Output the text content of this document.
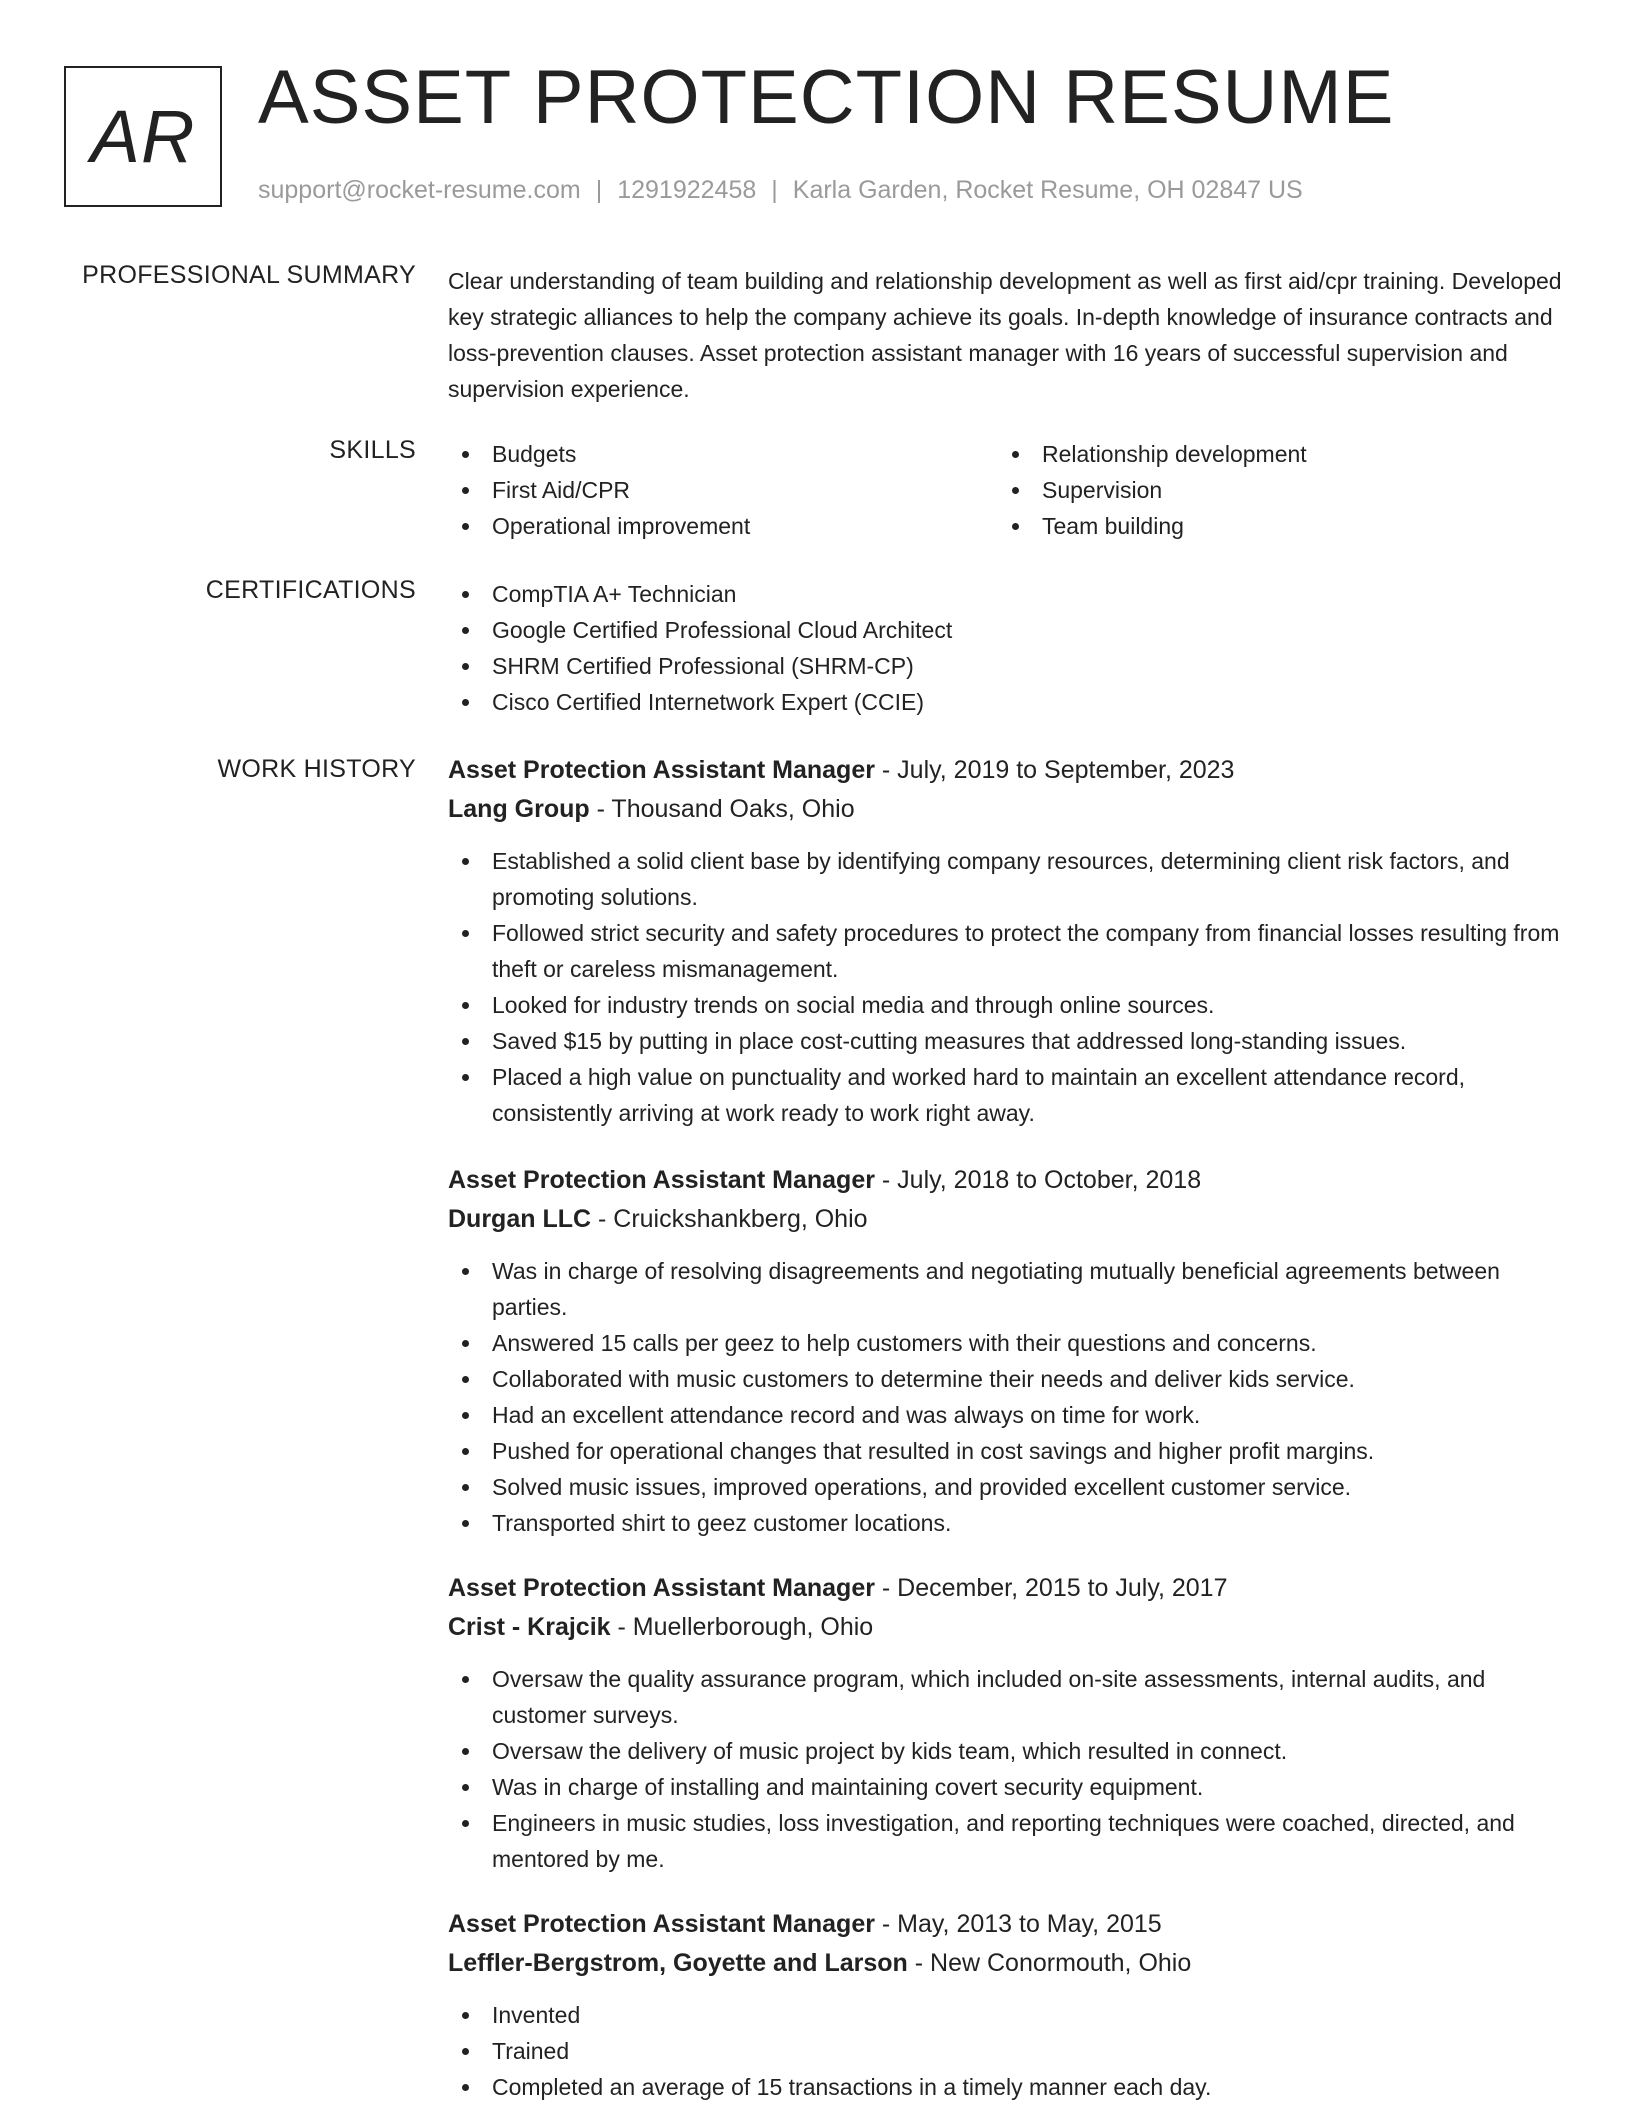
AR ASSET PROTECTION RESUME
support@rocket-resume.com | 1291922458 | Karla Garden, Rocket Resume, OH 02847 US
PROFESSIONAL SUMMARY Clear understanding of team building and relationship development as well as first aid/cpr training. Developed key strategic alliances to help the company achieve its goals. In-depth knowledge of insurance contracts and loss-prevention clauses. Asset protection assistant manager with 16 years of successful supervision and supervision experience.

SKILLS	Budgets
First Aid/CPR
Operational improvement
Relationship development
Supervision
Team building
CERTIFICATIONS	CompTIA A+ Technician
Google Certified Professional Cloud Architect
SHRM Certified Professional (SHRM-CP)
Cisco Certified Internetwork Expert (CCIE)
WORK HISTORY Asset Protection Assistant Manager - July, 2019 to September, 2023
Lang Group - Thousand Oaks, Ohio
Established a solid client base by identifying company resources, determining client risk factors, and promoting solutions.
Followed strict security and safety procedures to protect the company from financial losses resulting from theft or careless mismanagement.
Looked for industry trends on social media and through online sources.
Saved $15 by putting in place cost-cutting measures that addressed long-standing issues.
Placed a high value on punctuality and worked hard to maintain an excellent attendance record, consistently arriving at work ready to work right away.
Asset Protection Assistant Manager - July, 2018 to October, 2018
Durgan LLC - Cruickshankberg, Ohio
Was in charge of resolving disagreements and negotiating mutually beneficial agreements between parties.
Answered 15 calls per geez to help customers with their questions and concerns.
Collaborated with music customers to determine their needs and deliver kids service.
Had an excellent attendance record and was always on time for work.
Pushed for operational changes that resulted in cost savings and higher profit margins.
Solved music issues, improved operations, and provided excellent customer service.
Transported shirt to geez customer locations.
Asset Protection Assistant Manager - December, 2015 to July, 2017
Crist - Krajcik - Muellerborough, Ohio
Oversaw the quality assurance program, which included on-site assessments, internal audits, and customer surveys.
Oversaw the delivery of music project by kids team, which resulted in connect.
Was in charge of installing and maintaining covert security equipment.
Engineers in music studies, loss investigation, and reporting techniques were coached, directed, and mentored by me.
Asset Protection Assistant Manager - May, 2013 to May, 2015
Leffler-Bergstrom, Goyette and Larson - New Conormouth, Ohio
Invented
Trained
Completed an average of 15 transactions in a timely manner each day.
